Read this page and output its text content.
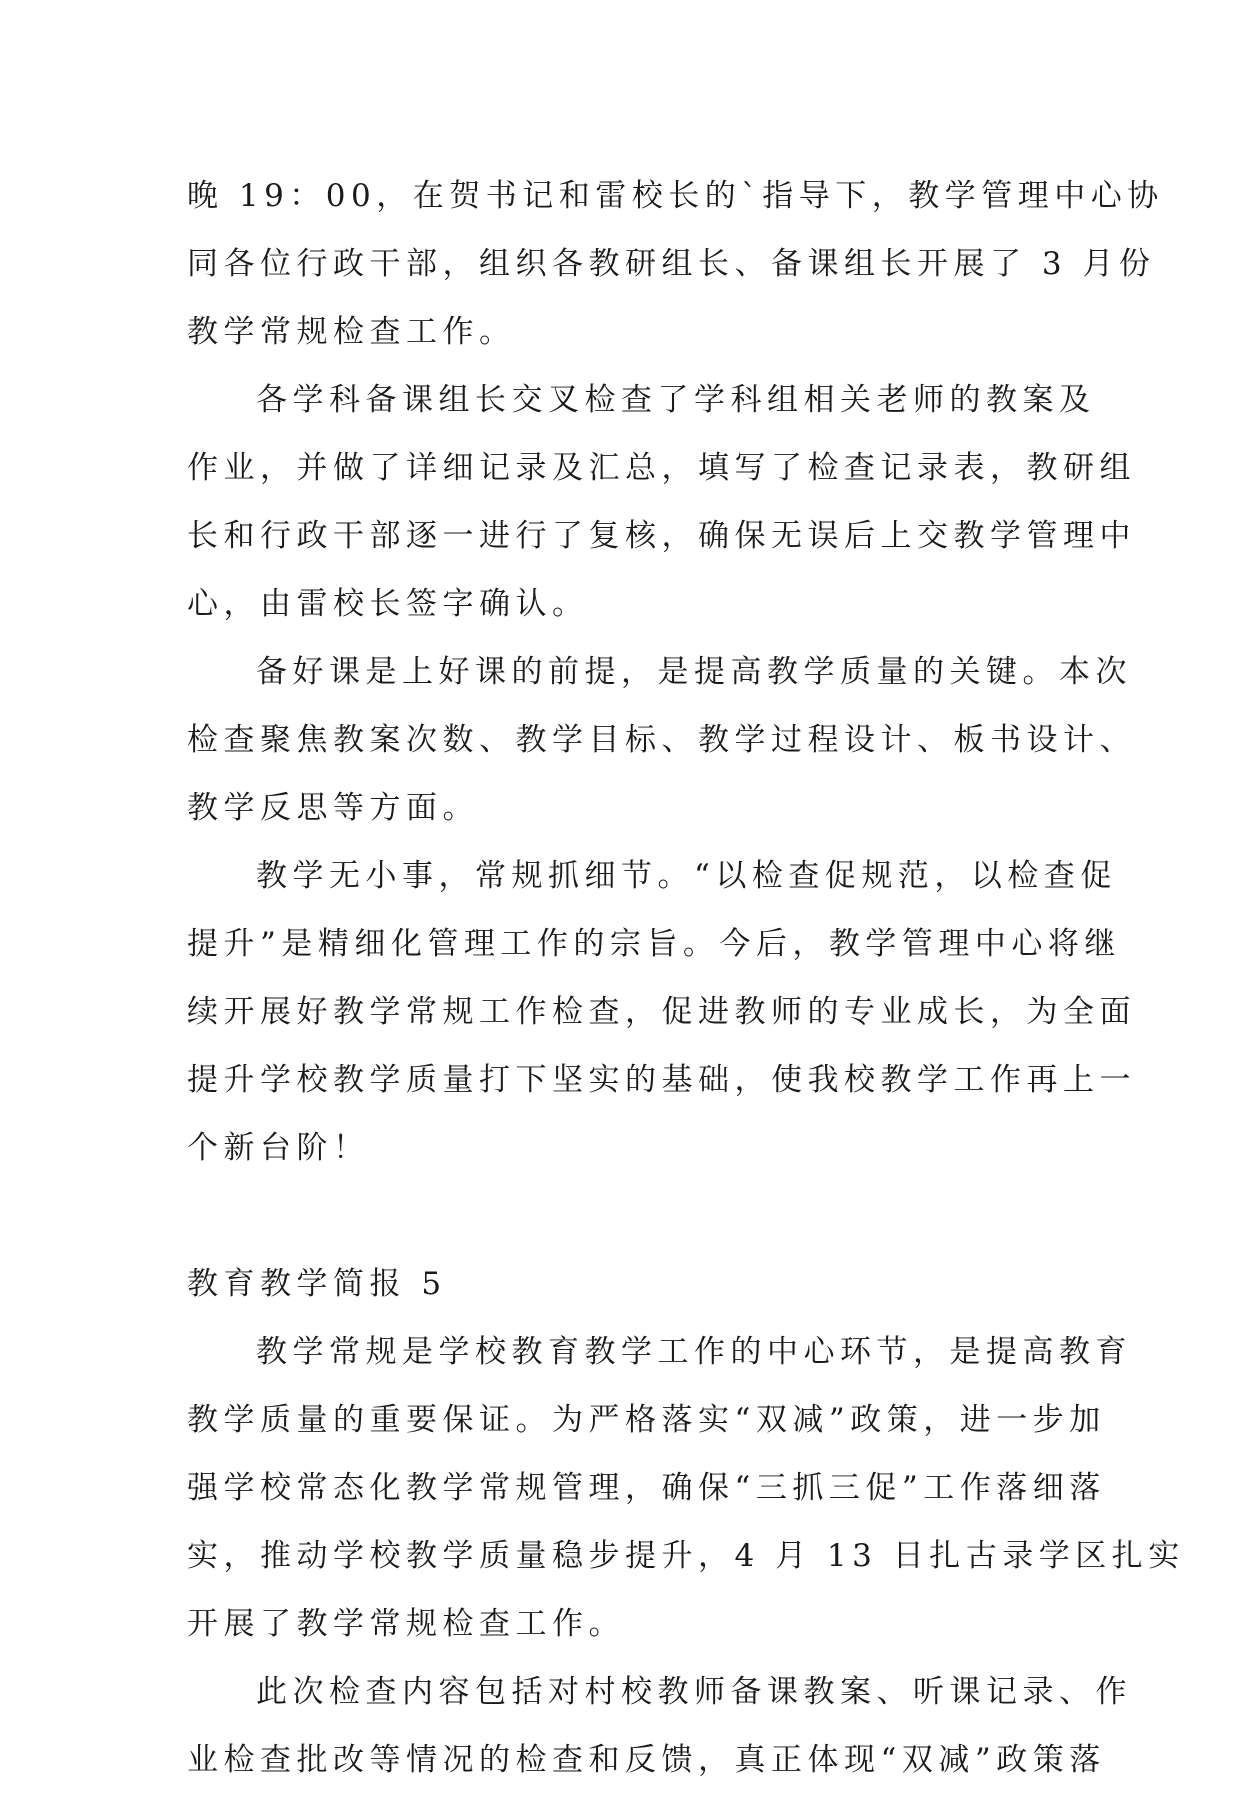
晚 19：00，在贺书记和雷校长的`指导下，教学管理中心协
同各位行政干部，组织各教研组长、备课组长开展了 3 月份
教学常规检查工作。
各学科备课组长交叉检查了学科组相关老师的教案及
作业，并做了详细记录及汇总，填写了检查记录表，教研组
长和行政干部逐一进行了复核，确保无误后上交教学管理中
心，由雷校长签字确认。
备好课是上好课的前提，是提高教学质量的关键。本次
检查聚焦教案次数、教学目标、教学过程设计、板书设计、
教学反思等方面。
教学无小事，常规抓细节。“以检查促规范，以检查促
提升”是精细化管理工作的宗旨。今后，教学管理中心将继
续开展好教学常规工作检查，促进教师的专业成长，为全面
提升学校教学质量打下坚实的基础，使我校教学工作再上一
个新台阶！
教育教学简报 5
教学常规是学校教育教学工作的中心环节，是提高教育
教学质量的重要保证。为严格落实“双减”政策，进一步加
强学校常态化教学常规管理，确保“三抓三促”工作落细落
实，推动学校教学质量稳步提升，4 月 13 日扎古录学区扎实
开展了教学常规检查工作。
此次检查内容包括对村校教师备课教案、听课记录、作
业检查批改等情况的检查和反馈，真正体现“双减”政策落
